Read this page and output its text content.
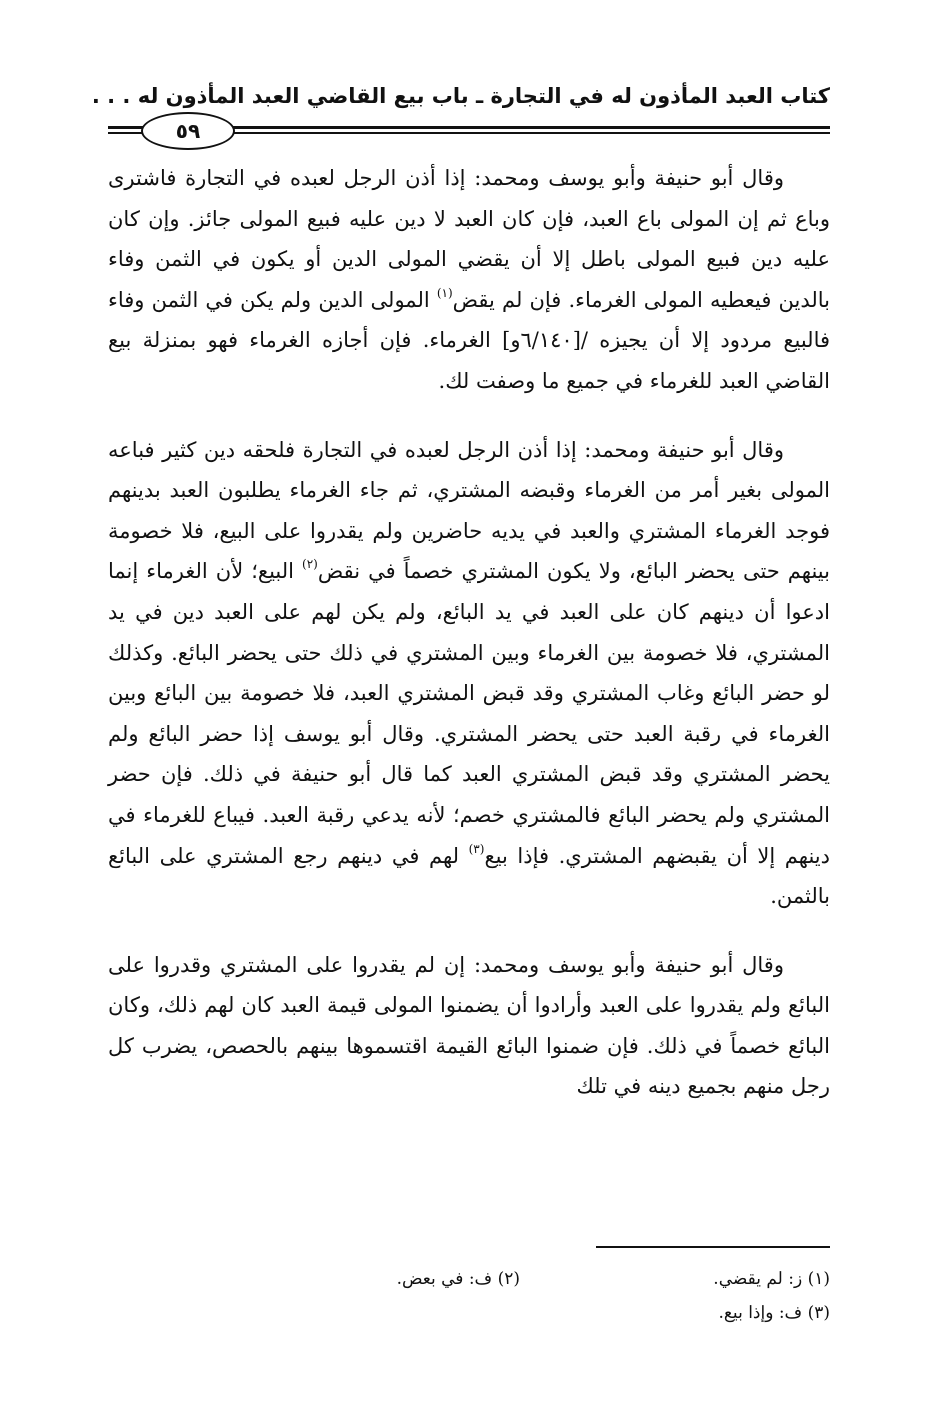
كتاب العبد المأذون له في التجارة ـ باب بيع القاضي العبد المأذون له . . .
٥٩

وقال أبو حنيفة وأبو يوسف ومحمد: إذا أذن الرجل لعبده في التجارة فاشترى وباع ثم إن المولى باع العبد، فإن كان العبد لا دين عليه فبيع المولى جائز. وإن كان عليه دين فبيع المولى باطل إلا أن يقضي المولى الدين أو يكون في الثمن وفاء بالدين فيعطيه المولى الغرماء. فإن لم يقض$^{(١)}$ المولى الدين ولم يكن في الثمن وفاء فالبيع مردود إلا أن يجيزه /[٦/١٤٠و] الغرماء. فإن أجازه الغرماء فهو بمنزلة بيع القاضي العبد للغرماء في جميع ما وصفت لك.

وقال أبو حنيفة ومحمد: إذا أذن الرجل لعبده في التجارة فلحقه دين كثير فباعه المولى بغير أمر من الغرماء وقبضه المشتري، ثم جاء الغرماء يطلبون العبد بدينهم فوجد الغرماء المشتري والعبد في يديه حاضرين ولم يقدروا على البيع، فلا خصومة بينهم حتى يحضر البائع، ولا يكون المشتري خصماً في نقض$^{(٢)}$ البيع؛ لأن الغرماء إنما ادعوا أن دينهم كان على العبد في يد البائع، ولم يكن لهم على العبد دين في يد المشتري، فلا خصومة بين الغرماء وبين المشتري في ذلك حتى يحضر البائع. وكذلك لو حضر البائع وغاب المشتري وقد قبض المشتري العبد، فلا خصومة بين البائع وبين الغرماء في رقبة العبد حتى يحضر المشتري. وقال أبو يوسف إذا حضر البائع ولم يحضر المشتري وقد قبض المشتري العبد كما قال أبو حنيفة في ذلك. فإن حضر المشتري ولم يحضر البائع فالمشتري خصم؛ لأنه يدعي رقبة العبد. فيباع للغرماء في دينهم إلا أن يقبضهم المشتري. فإذا بيع$^{(٣)}$ لهم في دينهم رجع المشتري على البائع بالثمن.

وقال أبو حنيفة وأبو يوسف ومحمد: إن لم يقدروا على المشتري وقدروا على البائع ولم يقدروا على العبد وأرادوا أن يضمنوا المولى قيمة العبد كان لهم ذلك، وكان البائع خصماً في ذلك. فإن ضمنوا البائع القيمة اقتسموها بينهم بالحصص، يضرب كل رجل منهم بجميع دينه في تلك

(١) ز: لم يقضي.
(٢) ف: في بعض.
(٣) ف: وإذا بيع.
